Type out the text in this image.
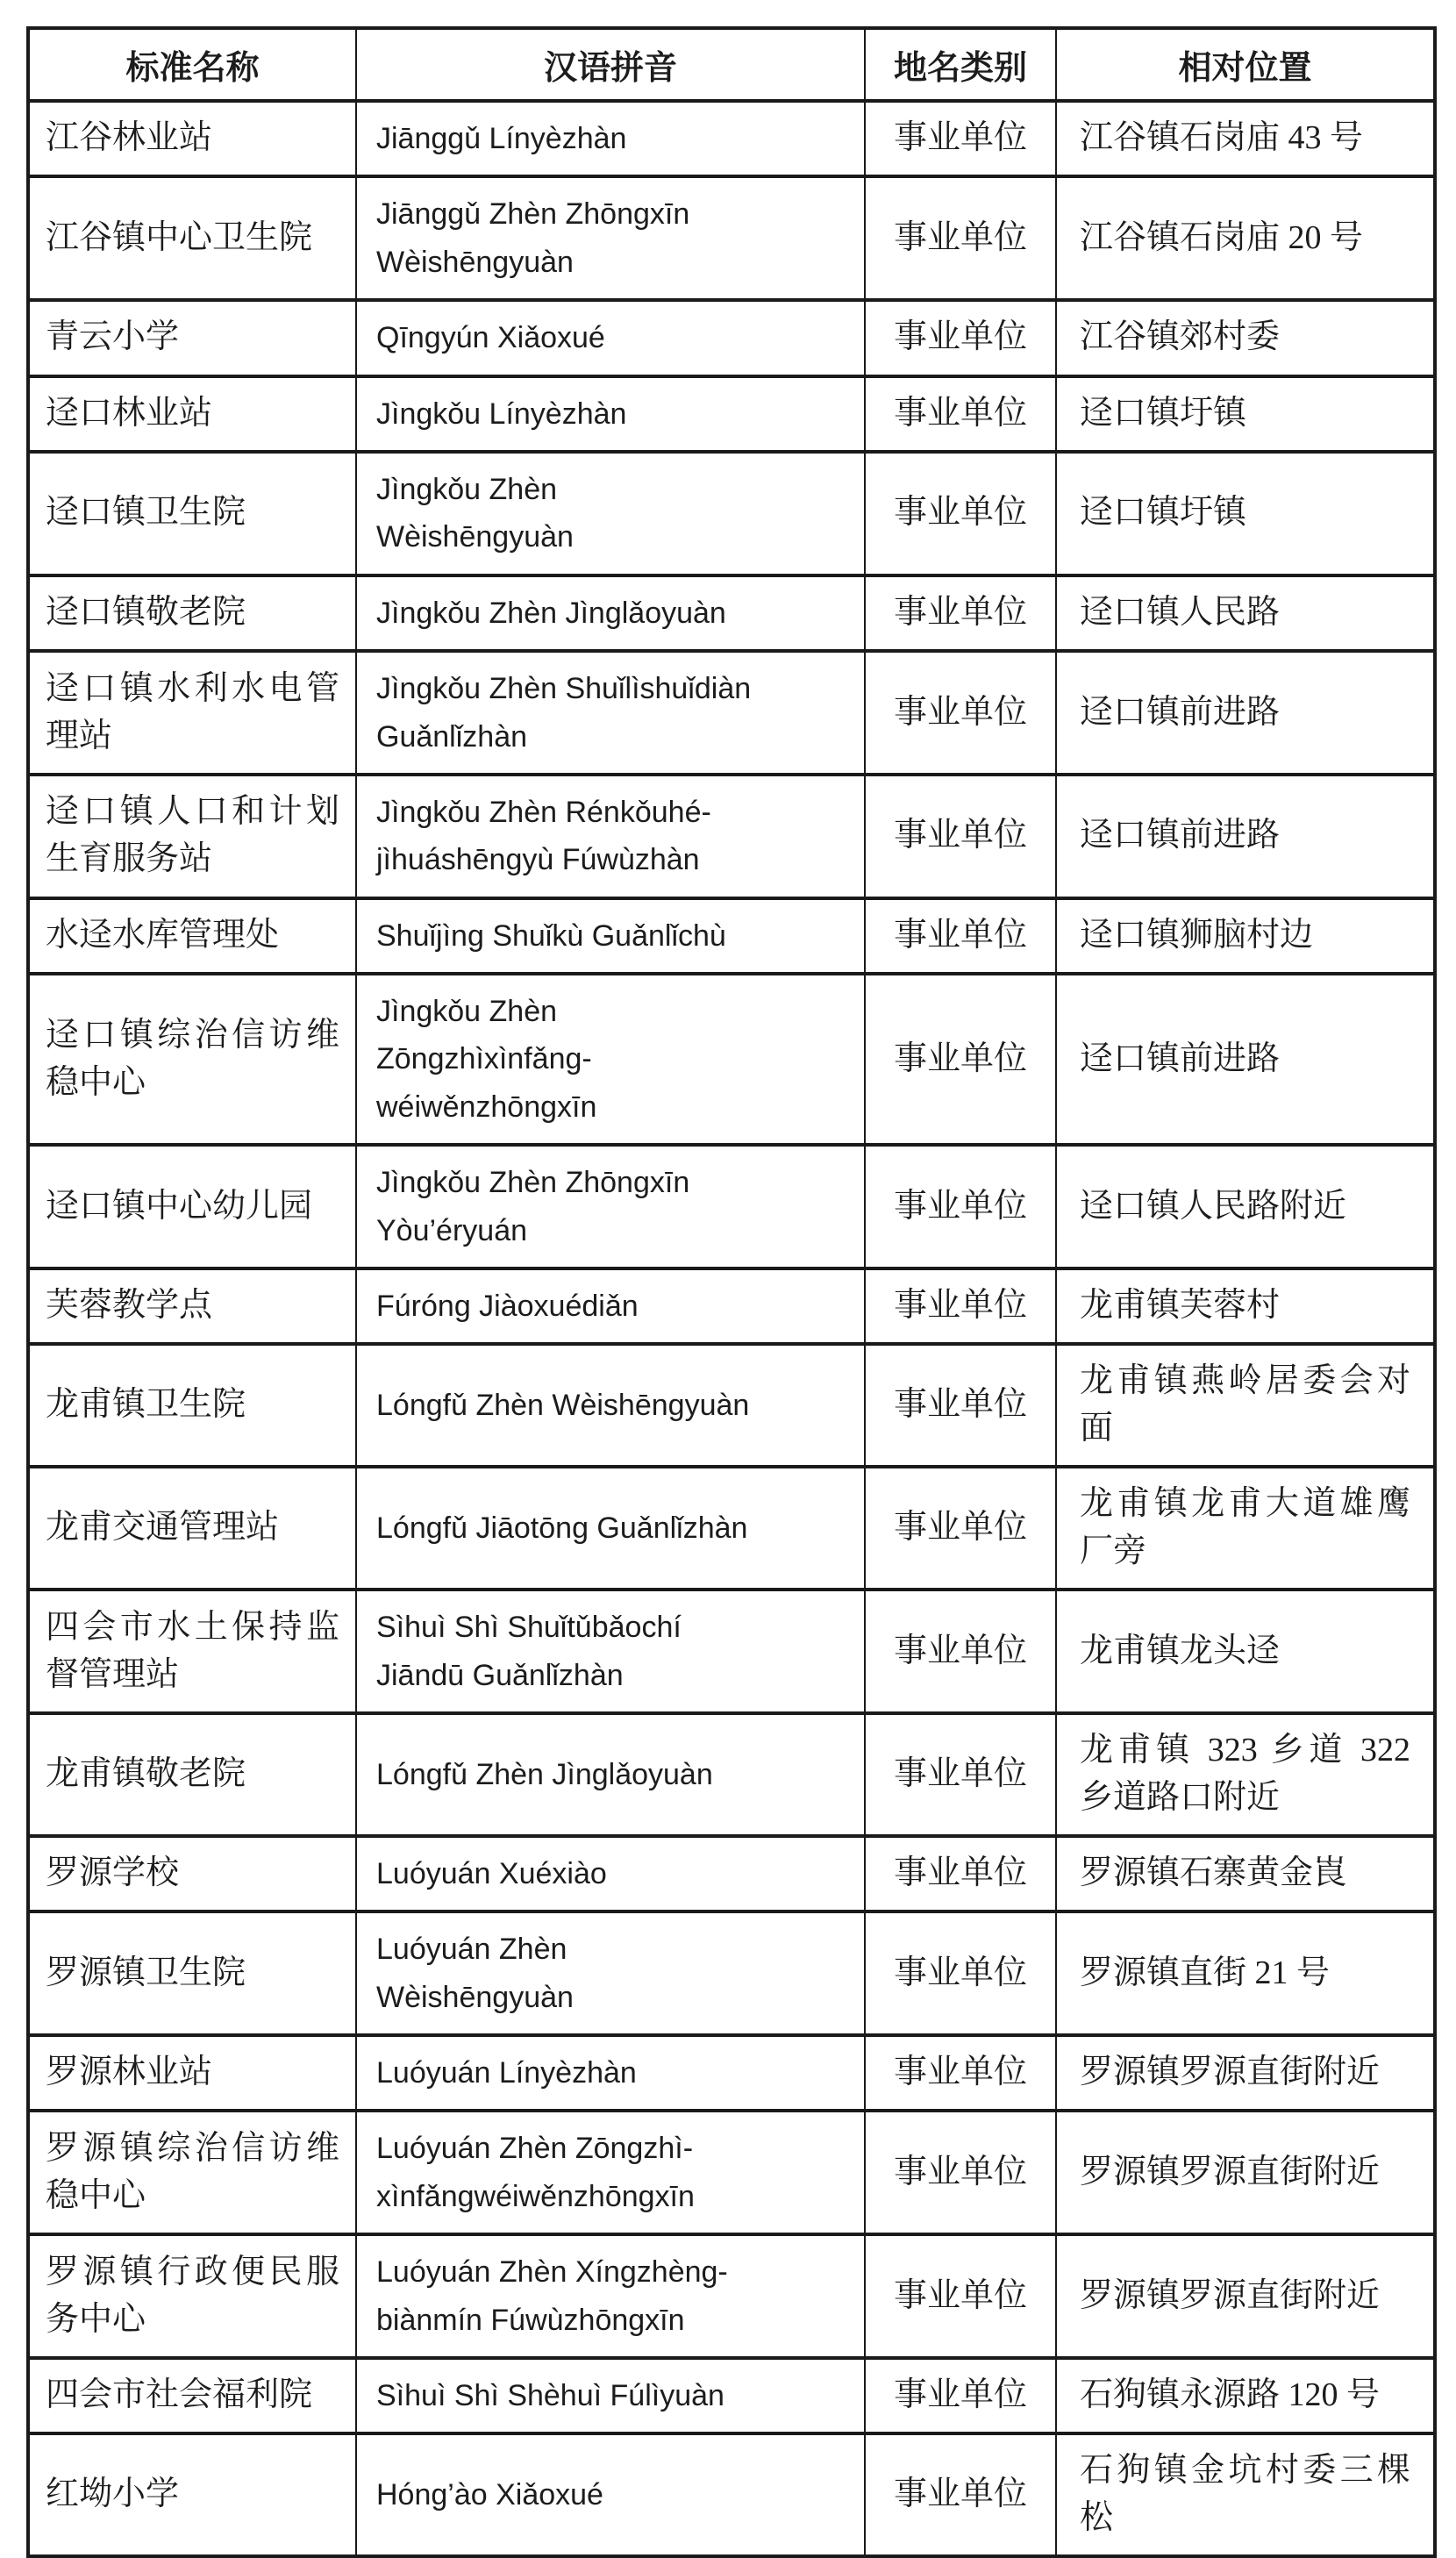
标准名称	汉语拼音	地名类别	相对位置
江谷林业站	Jiānggǔ Línyèzhàn	事业单位	江谷镇石岗庙 43 号
江谷镇中心卫生院	Jiānggǔ Zhèn Zhōngxīn Wèishēngyuàn	事业单位	江谷镇石岗庙 20 号
青云小学	Qīngyún Xiǎoxué	事业单位	江谷镇郊村委
迳口林业站	Jìngkǒu Línyèzhàn	事业单位	迳口镇圩镇
迳口镇卫生院	Jìngkǒu Zhèn Wèishēngyuàn	事业单位	迳口镇圩镇
迳口镇敬老院	Jìngkǒu Zhèn Jìnglǎoyuàn	事业单位	迳口镇人民路
迳口镇水利水电管理站	Jìngkǒu Zhèn Shuǐlìshuǐdiàn Guǎnlǐzhàn	事业单位	迳口镇前进路
迳口镇人口和计划生育服务站	Jìngkǒu Zhèn Rénkǒuhé-jìhuáshēngyù Fúwùzhàn	事业单位	迳口镇前进路
水迳水库管理处	Shuǐjìng Shuǐkù Guǎnlǐchù	事业单位	迳口镇狮脑村边
迳口镇综治信访维稳中心	Jìngkǒu Zhèn Zōngzhìxìnfǎng-wéiwěnzhōngxīn	事业单位	迳口镇前进路
迳口镇中心幼儿园	Jìngkǒu Zhèn Zhōngxīn Yòu’éryuán	事业单位	迳口镇人民路附近
芙蓉教学点	Fúróng Jiàoxuédiǎn	事业单位	龙甫镇芙蓉村
龙甫镇卫生院	Lóngfǔ Zhèn Wèishēngyuàn	事业单位	龙甫镇燕岭居委会对面
龙甫交通管理站	Lóngfǔ Jiāotōng Guǎnlǐzhàn	事业单位	龙甫镇龙甫大道雄鹰厂旁
四会市水土保持监督管理站	Sìhuì Shì Shuǐtǔbǎochí Jiāndū Guǎnlǐzhàn	事业单位	龙甫镇龙头迳
龙甫镇敬老院	Lóngfǔ Zhèn Jìnglǎoyuàn	事业单位	龙甫镇 323 乡道 322 乡道路口附近
罗源学校	Luóyuán Xuéxiào	事业单位	罗源镇石寨黄金崀
罗源镇卫生院	Luóyuán Zhèn Wèishēngyuàn	事业单位	罗源镇直街 21 号
罗源林业站	Luóyuán Línyèzhàn	事业单位	罗源镇罗源直街附近
罗源镇综治信访维稳中心	Luóyuán Zhèn Zōngzhì-xìnfǎngwéiwěnzhōngxīn	事业单位	罗源镇罗源直街附近
罗源镇行政便民服务中心	Luóyuán Zhèn Xíngzhèng-biànmín Fúwùzhōngxīn	事业单位	罗源镇罗源直街附近
四会市社会福利院	Sìhuì Shì Shèhuì Fúlìyuàn	事业单位	石狗镇永源路 120 号
红坳小学	Hóng’ào Xiǎoxué	事业单位	石狗镇金坑村委三棵松
